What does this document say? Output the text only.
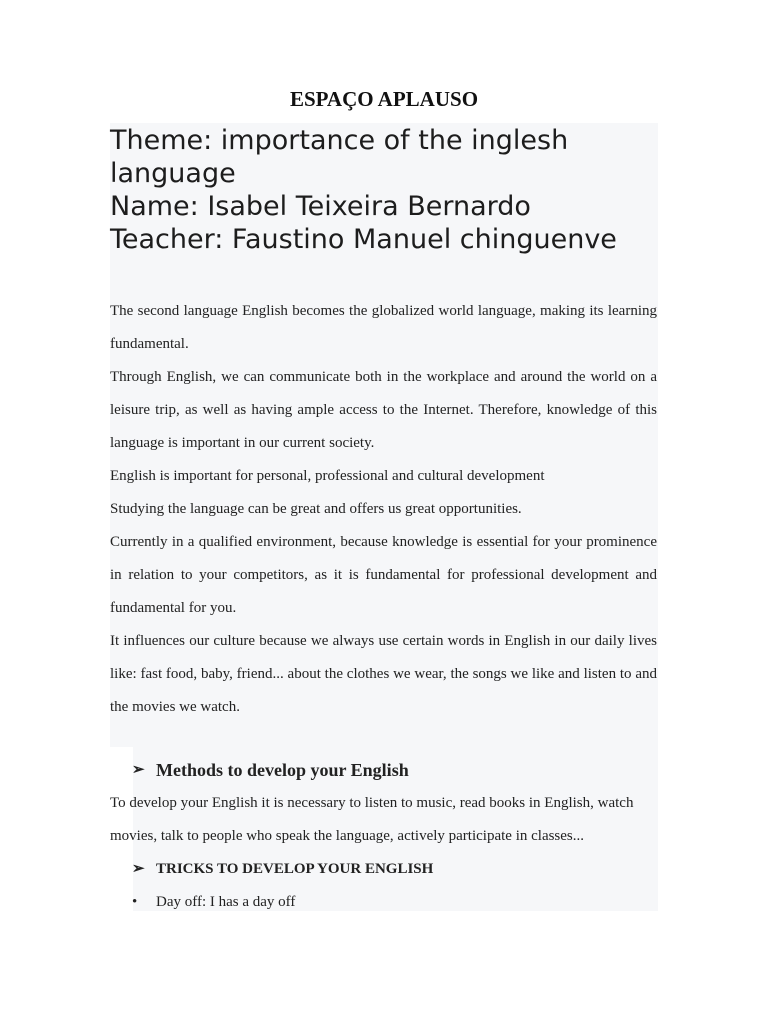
ESPAÇO APLAUSO
Theme: importance of the inglesh language
Name: Isabel Teixeira Bernardo
Teacher: Faustino Manuel chinguenve

The second language English becomes the globalized world language, making its learning fundamental.

Through English, we can communicate both in the workplace and around the world on a leisure trip, as well as having ample access to the Internet. Therefore, knowledge of this language is important in our current society.

English is important for personal, professional and cultural development

Studying the language can be great and offers us great opportunities.

Currently in a qualified environment, because knowledge is essential for your prominence in relation to your competitors, as it is fundamental for professional development and fundamental for you.

It influences our culture because we always use certain words in English in our daily lives like: fast food, baby, friend... about the clothes we wear, the songs we like and listen to and the movies we watch.

➢ Methods to develop your English
To develop your English it is necessary to listen to music, read books in English, watch movies, talk to people who speak the language, actively participate in classes...
➢ TRICKS TO DEVELOP YOUR ENGLISH
•	Day off: I has a day off
